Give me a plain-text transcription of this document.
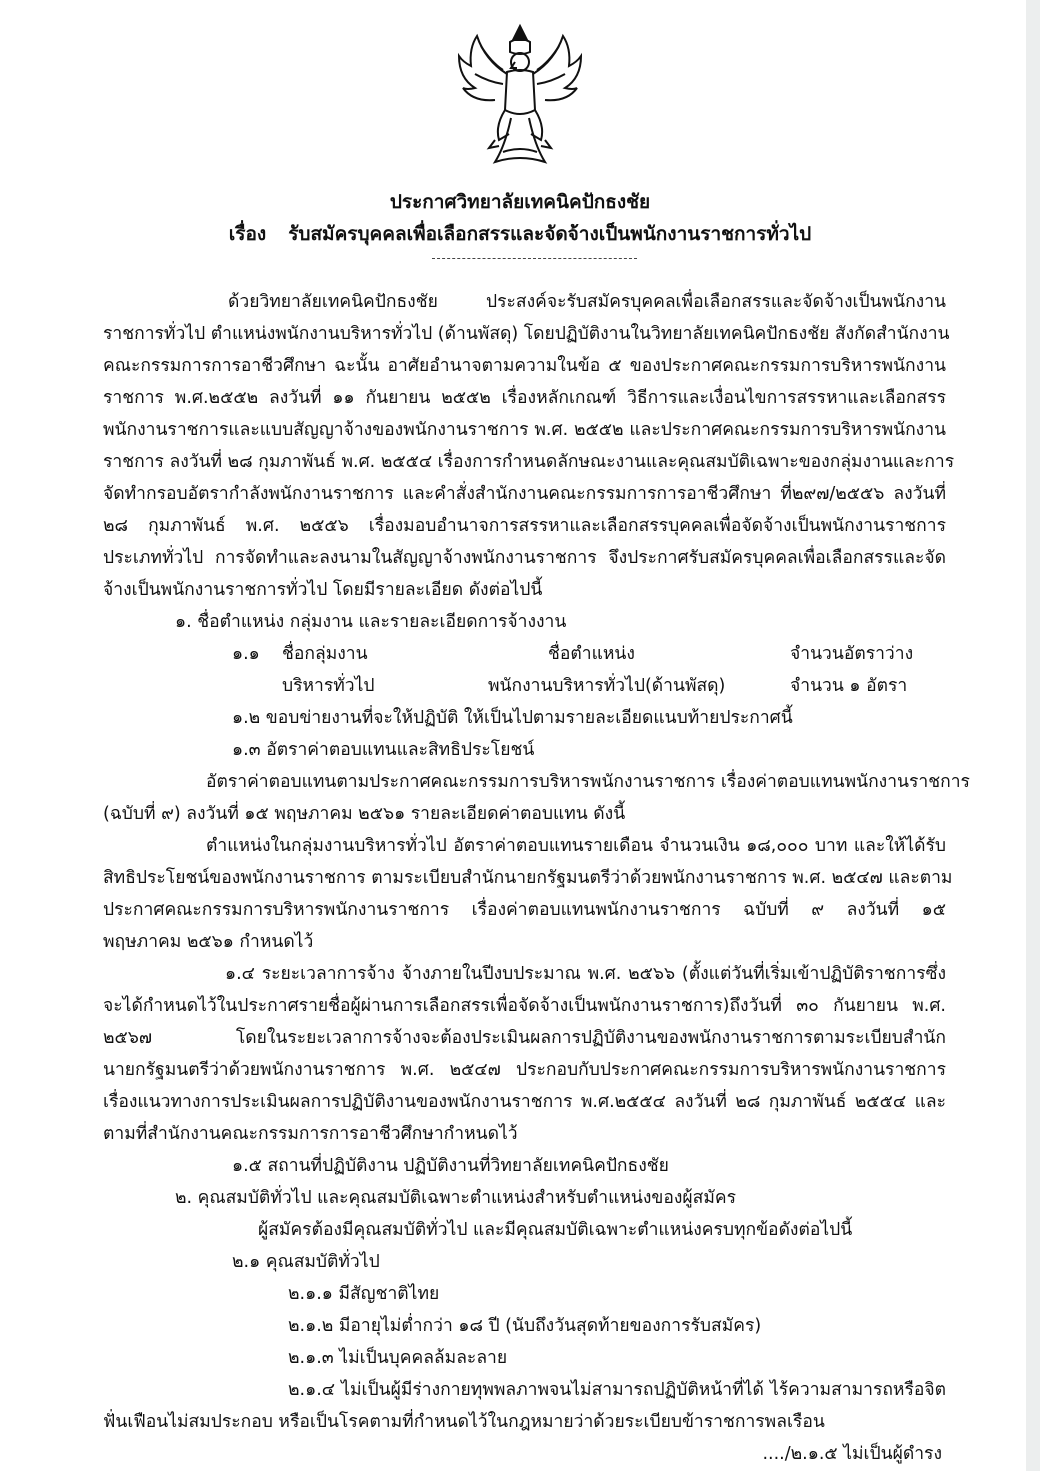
ประกาศวิทยาลัยเทคนิคปักธงชัย
เรื่อง รับสมัครบุคคลเพื่อเลือกสรรและจัดจ้างเป็นพนักงานราชการทั่วไป
ด้วยวิทยาลัยเทคนิคปักธงชัย ประสงค์จะรับสมัครบุคคลเพื่อเลือกสรรและจัดจ้างเป็นพนักงาน
ราชการทั่วไป ตำแหน่งพนักงานบริหารทั่วไป (ด้านพัสดุ) โดยปฏิบัติงานในวิทยาลัยเทคนิคปักธงชัย สังกัดสำนักงาน
คณะกรรมการการอาชีวศึกษา ฉะนั้น อาศัยอำนาจตามความในข้อ ๕ ของประกาศคณะกรรมการบริหารพนักงาน
ราชการ พ.ศ.๒๕๕๒ ลงวันที่ ๑๑ กันยายน ๒๕๕๒ เรื่องหลักเกณฑ์ วิธีการและเงื่อนไขการสรรหาและเลือกสรร
พนักงานราชการและแบบสัญญาจ้างของพนักงานราชการ พ.ศ. ๒๕๕๒ และประกาศคณะกรรมการบริหารพนักงาน
ราชการ ลงวันที่ ๒๘ กุมภาพันธ์ พ.ศ. ๒๕๕๔ เรื่องการกำหนดลักษณะงานและคุณสมบัติเฉพาะของกลุ่มงานและการ
จัดทำกรอบอัตรากำลังพนักงานราชการ และคำสั่งสำนักงานคณะกรรมการการอาชีวศึกษา ที่๒๙๗/๒๕๕๖ ลงวันที่
๒๘ กุมภาพันธ์ พ.ศ. ๒๕๕๖ เรื่องมอบอำนาจการสรรหาและเลือกสรรบุคคลเพื่อจัดจ้างเป็นพนักงานราชการ
ประเภททั่วไป การจัดทำและลงนามในสัญญาจ้างพนักงานราชการ จึงประกาศรับสมัครบุคคลเพื่อเลือกสรรและจัด
จ้างเป็นพนักงานราชการทั่วไป โดยมีรายละเอียด ดังต่อไปนี้
๑. ชื่อตำแหน่ง กลุ่มงาน และรายละเอียดการจ้างงาน
๑.๑ ชื่อกลุ่มงาน	ชื่อตำแหน่ง	จำนวนอัตราว่าง
บริหารทั่วไป	พนักงานบริหารทั่วไป(ด้านพัสดุ)	จำนวน ๑ อัตรา
๑.๒ ขอบข่ายงานที่จะให้ปฏิบัติ ให้เป็นไปตามรายละเอียดแนบท้ายประกาศนี้
๑.๓ อัตราค่าตอบแทนและสิทธิประโยชน์
อัตราค่าตอบแทนตามประกาศคณะกรรมการบริหารพนักงานราชการ เรื่องค่าตอบแทนพนักงานราชการ
(ฉบับที่ ๙) ลงวันที่ ๑๕ พฤษภาคม ๒๕๖๑ รายละเอียดค่าตอบแทน ดังนี้
ตำแหน่งในกลุ่มงานบริหารทั่วไป อัตราค่าตอบแทนรายเดือน จำนวนเงิน ๑๘,๐๐๐ บาท และให้ได้รับ
สิทธิประโยชน์ของพนักงานราชการ ตามระเบียบสำนักนายกรัฐมนตรีว่าด้วยพนักงานราชการ พ.ศ. ๒๕๔๗ และตาม
ประกาศคณะกรรมการบริหารพนักงานราชการ เรื่องค่าตอบแทนพนักงานราชการ ฉบับที่ ๙ ลงวันที่ ๑๕
พฤษภาคม ๒๕๖๑ กำหนดไว้
๑.๔ ระยะเวลาการจ้าง จ้างภายในปีงบประมาณ พ.ศ. ๒๕๖๖ (ตั้งแต่วันที่เริ่มเข้าปฏิบัติราชการซึ่ง
จะได้กำหนดไว้ในประกาศรายชื่อผู้ผ่านการเลือกสรรเพื่อจัดจ้างเป็นพนักงานราชการ)ถึงวันที่ ๓๐ กันยายน พ.ศ.
๒๕๖๗ โดยในระยะเวลาการจ้างจะต้องประเมินผลการปฏิบัติงานของพนักงานราชการตามระเบียบสำนัก
นายกรัฐมนตรีว่าด้วยพนักงานราชการ พ.ศ. ๒๕๔๗ ประกอบกับประกาศคณะกรรมการบริหารพนักงานราชการ
เรื่องแนวทางการประเมินผลการปฏิบัติงานของพนักงานราชการ พ.ศ.๒๕๕๔ ลงวันที่ ๒๘ กุมภาพันธ์ ๒๕๕๔ และ
ตามที่สำนักงานคณะกรรมการการอาชีวศึกษากำหนดไว้
๑.๕ สถานที่ปฏิบัติงาน ปฏิบัติงานที่วิทยาลัยเทคนิคปักธงชัย
๒. คุณสมบัติทั่วไป และคุณสมบัติเฉพาะตำแหน่งสำหรับตำแหน่งของผู้สมัคร
ผู้สมัครต้องมีคุณสมบัติทั่วไป และมีคุณสมบัติเฉพาะตำแหน่งครบทุกข้อดังต่อไปนี้
๒.๑ คุณสมบัติทั่วไป
๒.๑.๑ มีสัญชาติไทย
๒.๑.๒ มีอายุไม่ต่ำกว่า ๑๘ ปี (นับถึงวันสุดท้ายของการรับสมัคร)
๒.๑.๓ ไม่เป็นบุคคลล้มละลาย
๒.๑.๔ ไม่เป็นผู้มีร่างกายทุพพลภาพจนไม่สามารถปฏิบัติหน้าที่ได้ ไร้ความสามารถหรือจิต
ฟั่นเฟือนไม่สมประกอบ หรือเป็นโรคตามที่กำหนดไว้ในกฎหมายว่าด้วยระเบียบข้าราชการพลเรือน
..../๒.๑.๕ ไม่เป็นผู้ดำรง
